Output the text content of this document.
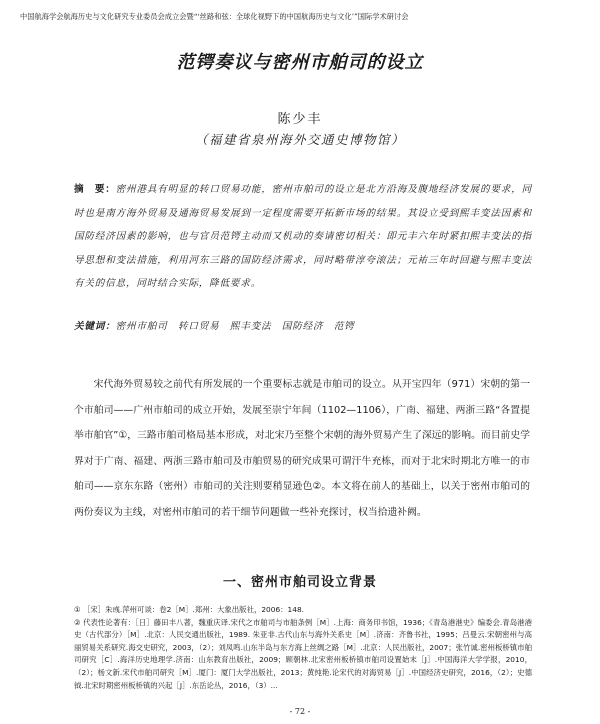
中国航海学会航海历史与文化研究专业委员会成立会暨“‘丝路和弦：全球化视野下的中国航海历史与文化’”国际学术研讨会
范锷奏议与密州市舶司的设立
陈少丰
（福建省泉州海外交通史博物馆）
摘　要：密州港具有明显的转口贸易功能，密州市舶司的设立是北方沿海及腹地经济发展的要求，同时也是南方海外贸易及通海贸易发展到一定程度需要开拓新市场的结果。其设立受到熙丰变法因素和国防经济因素的影响，也与官员范锷主动而又机动的奏请密切相关：即元丰六年时紧扣熙丰变法的指导思想和变法措施，利用河东三路的国防经济需求，同时略带淳夸滚法；元祐三年时回避与熙丰变法有关的信息，同时结合实际，降低要求。
关键词：密州市舶司　转口贸易　熙丰变法　国防经济　范锷

宋代海外贸易较之前代有所发展的一个重要标志就是市舶司的设立。从开宝四年（971）宋朝的第一个市舶司——广州市舶司的成立开始，发展至崇宁年间（1102—1106），广南、福建、两浙三路“各置提举市舶官”①，三路市舶司格局基本形成，对北宋乃至整个宋朝的海外贸易产生了深远的影响。而目前史学界对于广南、福建、两浙三路市舶司及市舶贸易的研究成果可谓汗牛充栋，而对于北宋时期北方唯一的市舶司——京东东路（密州）市舶司的关注则要稍显逊色②。本文将在前人的基础上，以关于密州市舶司的两份奏议为主线，对密州市舶司的若干细节问题做一些补充探讨，权当拾遗补阙。

一、密州市舶司设立背景

① ［宋］朱彧.萍州可谈：卷2［M］.郑州：大象出版社，2006：148.

② 代表性论著有：［日］藤田丰八著，魏重庆译.宋代之市舶司与市舶条例［M］.上海：商务印书馆，1936；《青岛港港史》编委会.青岛港港史（古代部分）［M］.北京：人民交通出版社，1989. 朱亚非.古代山东与海外关系史［M］.济南：齐鲁书社，1995；吕曼云.宋朝密州与高丽贸易关系研究.海交史研究，2003，（2）；刘凤鸣.山东半岛与东方海上丝绸之路［M］.北京：人民出版社，2007；张竹诚.密州板桥镇市舶司研究［C］.海洋历史地理学.济南：山东教育出版社，2009；顾朝林.北宋密州板桥镇市舶司设置始末［J］.中国海洋大学学报，2010，（2）；杨文新.宋代市舶司研究［M］.厦门：厦门大学出版社，2013；黄纯艳.论宋代的对海贸易［J］.中国经济史研究，2016，（2）；史德钺.北宋时期密州板桥镇的兴起［J］.东岳论丛，2016，（3）...

- 72 -
